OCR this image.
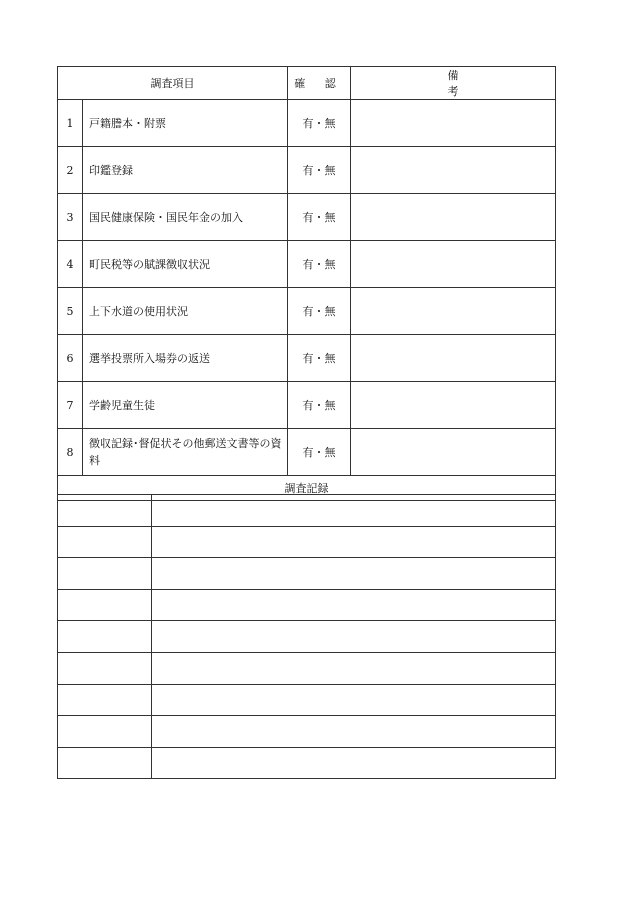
調査項目		確 認	備 考
1	戸籍謄本・附票	有・無	
2	印鑑登録	有・無	
3	国民健康保険・国民年金の加入	有・無	
4	町民税等の賦課徴収状況	有・無	
5	上下水道の使用状況	有・無	
6	選挙投票所入場券の返送	有・無	
7	学齢児童生徒	有・無	
8	徴収記録･督促状その他郵送文書等の資料	有・無	
調査記録			
